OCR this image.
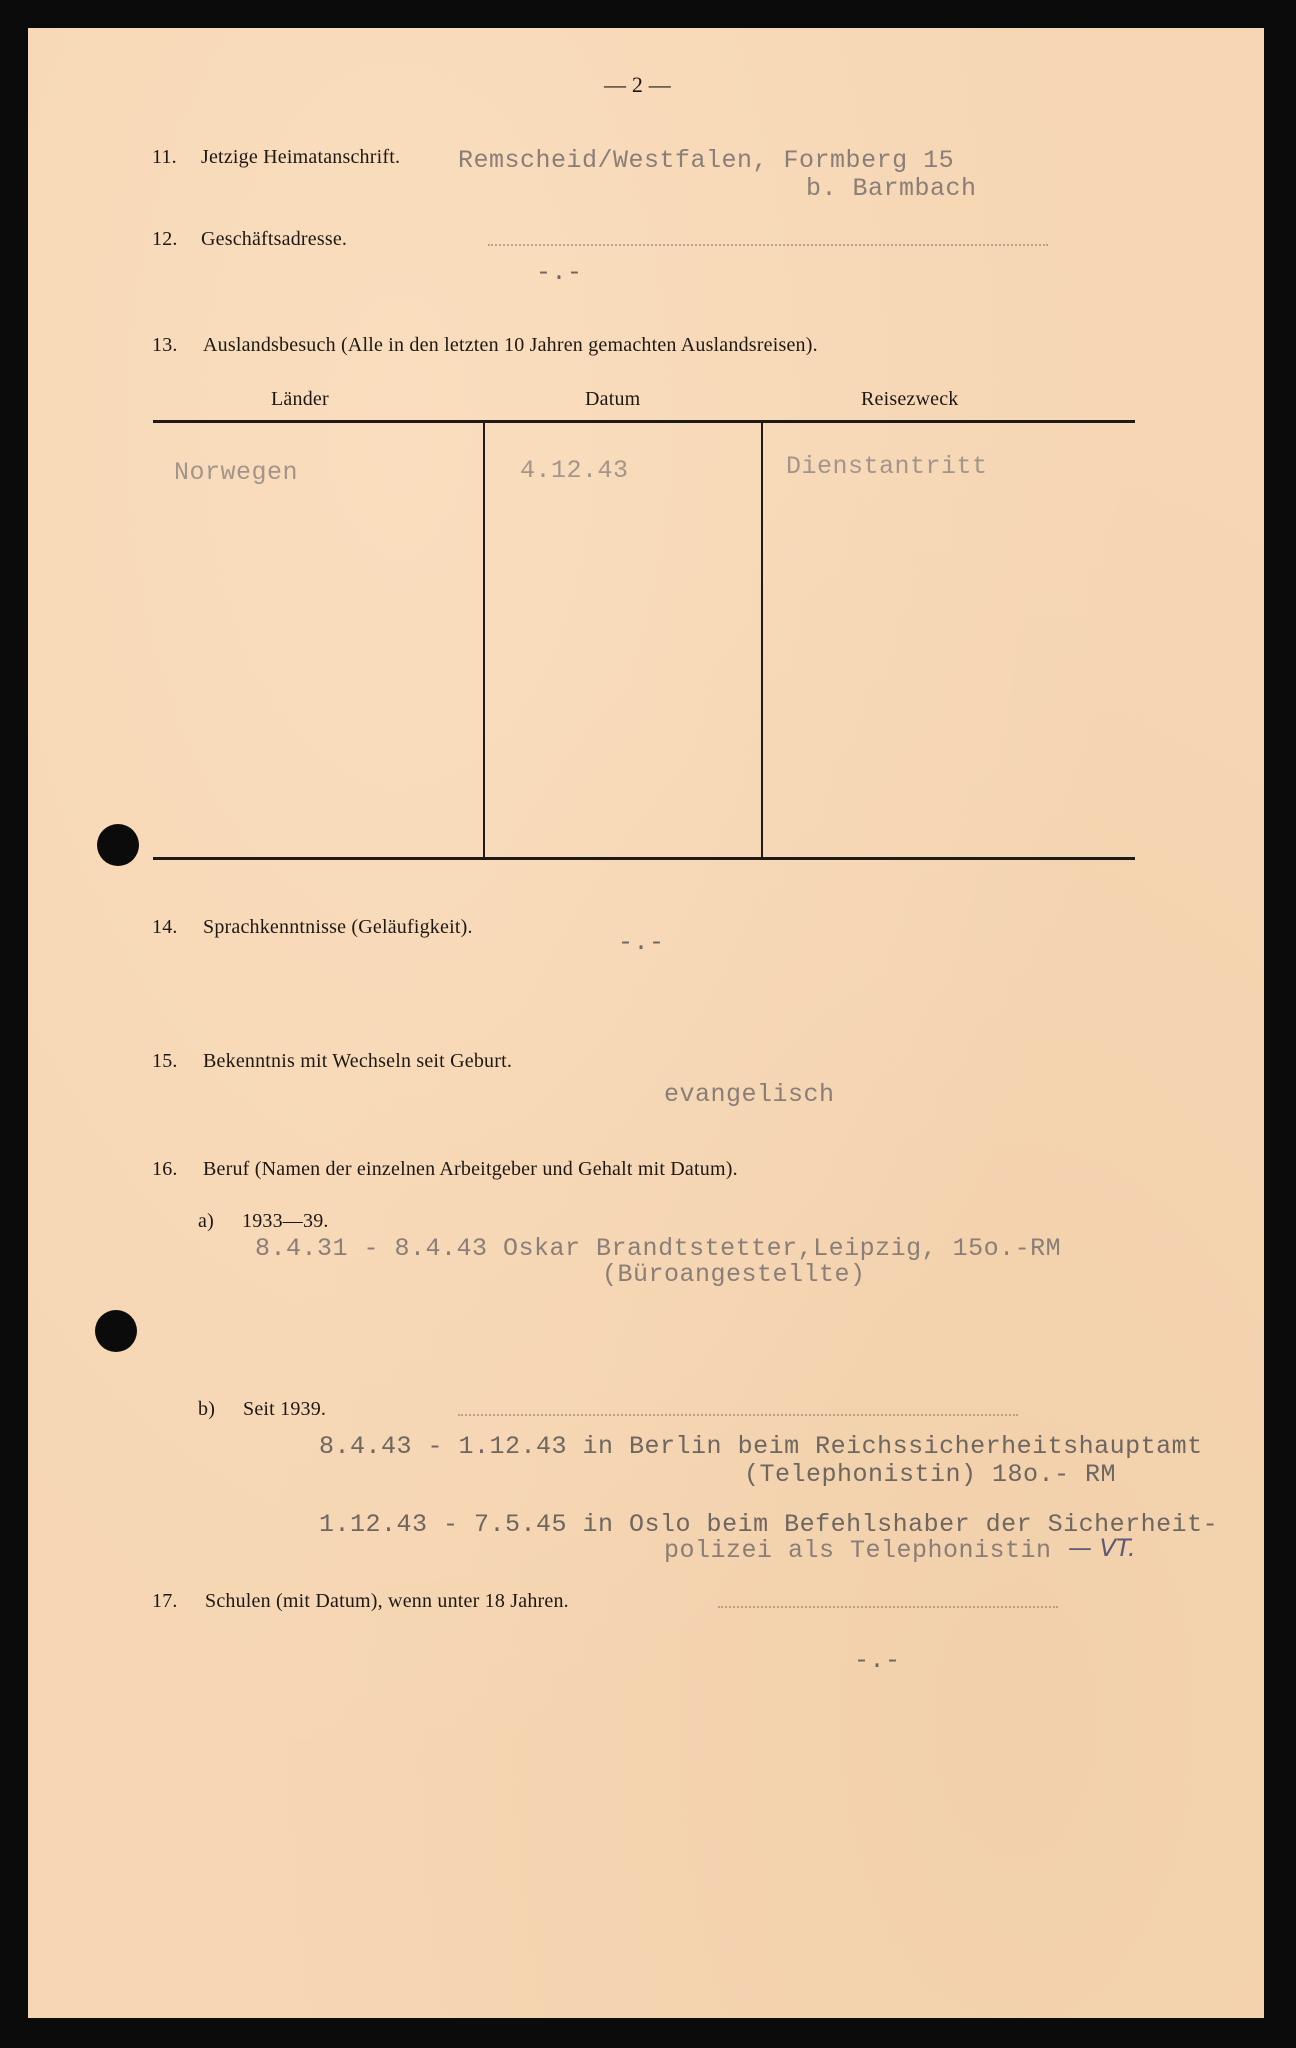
— 2 —
11. Jetzige Heimatanschrift. Remscheid/Westfalen, Formberg 15
b. Barmbach
12. Geschäftsadresse.
-.-
13. Auslandsbesuch (Alle in den letzten 10 Jahren gemachten Auslandsreisen).
Länder	Datum	Reisezweck
Norwegen	4.12.43	Dienstantritt
14. Sprachkenntnisse (Geläufigkeit).
-.-
15. Bekenntnis mit Wechseln seit Geburt.
evangelisch
16. Beruf (Namen der einzelnen Arbeitgeber und Gehalt mit Datum).
a) 1933—39.
8.4.31 - 8.4.43 Oskar Brandtstetter,Leipzig, 15o.-RM
(Büroangestellte)
b) Seit 1939.
8.4.43 - 1.12.43 in Berlin beim Reichssicherheitshauptamt
(Telephonistin) 18o.- RM
1.12.43 - 7.5.45 in Oslo beim Befehlshaber der Sicherheit-
polizei als Telephonistin — VT.
17. Schulen (mit Datum), wenn unter 18 Jahren.
-.-
